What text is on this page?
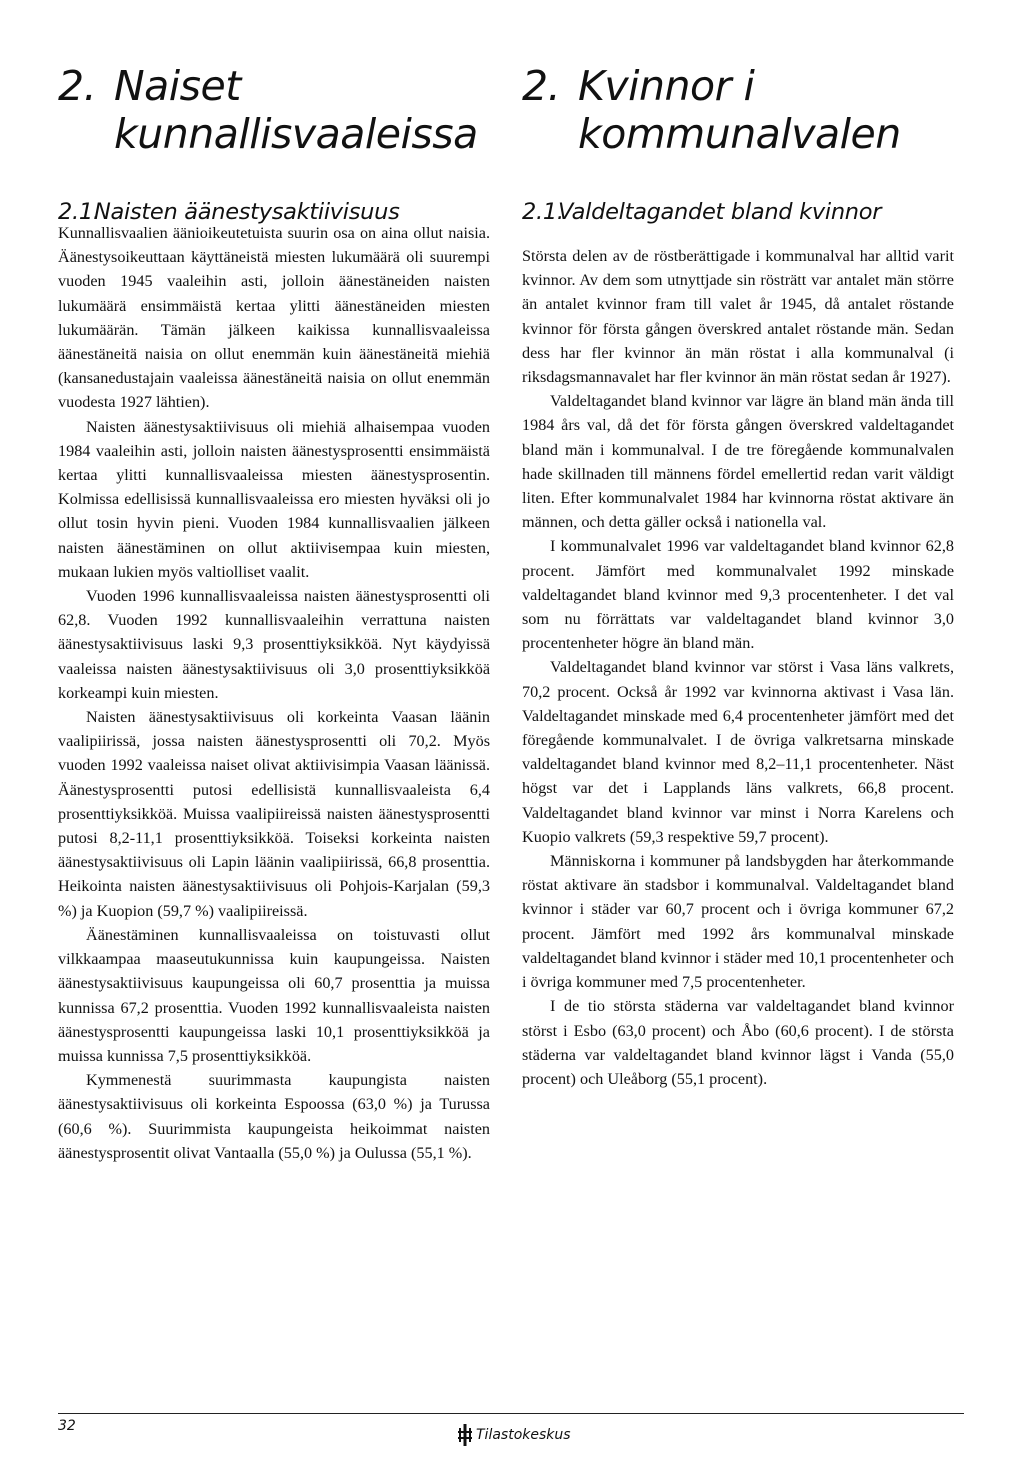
2. Naiset
kunnallisvaaleissa
2.1.Naisten äänestysaktiivisuus

Kunnallisvaalien äänioikeutetuista suurin osa on aina ollut naisia. Äänestysoikeuttaan käyttäneistä miesten lukumäärä oli suurempi vuoden 1945 vaaleihin asti, jolloin äänestäneiden naisten lukumäärä ensimmäistä kertaa ylitti äänestäneiden miesten lukumäärän. Tämän jälkeen kaikissa kunnallisvaaleissa äänestäneitä naisia on ollut enemmän kuin äänestäneitä miehiä (kansanedustajain vaaleissa äänestäneitä naisia on ollut enemmän vuodesta 1927 lähtien).

Naisten äänestysaktiivisuus oli miehiä alhaisempaa vuoden 1984 vaaleihin asti, jolloin naisten äänestysprosentti ensimmäistä kertaa ylitti kunnallisvaaleissa miesten äänestysprosentin. Kolmissa edellisissä kunnallisvaaleissa ero miesten hyväksi oli jo ollut tosin hyvin pieni. Vuoden 1984 kunnallisvaalien jälkeen naisten äänestäminen on ollut aktiivisempaa kuin miesten, mukaan lukien myös valtiolliset vaalit.

Vuoden 1996 kunnallisvaaleissa naisten äänestysprosentti oli 62,8. Vuoden 1992 kunnallisvaaleihin verrattuna naisten äänestysaktiivisuus laski 9,3 prosenttiyksikköä. Nyt käydyissä vaaleissa naisten äänestysaktiivisuus oli 3,0 prosenttiyksikköä korkeampi kuin miesten.

Naisten äänestysaktiivisuus oli korkeinta Vaasan läänin vaalipiirissä, jossa naisten äänestysprosentti oli 70,2. Myös vuoden 1992 vaaleissa naiset olivat aktiivisimpia Vaasan läänissä. Äänestysprosentti putosi edellisistä kunnallisvaaleista 6,4 prosenttiyksikköä. Muissa vaalipiireissä naisten äänestysprosentti putosi 8,2-11,1 prosenttiyksikköä. Toiseksi korkeinta naisten äänestysaktiivisuus oli Lapin läänin vaalipiirissä, 66,8 prosenttia. Heikointa naisten äänestysaktiivisuus oli Pohjois-Karjalan (59,3 %) ja Kuopion (59,7 %) vaalipiireissä.

Äänestäminen kunnallisvaaleissa on toistuvasti ollut vilkkaampaa maaseutukunnissa kuin kaupungeissa. Naisten äänestysaktiivisuus kaupungeissa oli 60,7 prosenttia ja muissa kunnissa 67,2 prosenttia. Vuoden 1992 kunnallisvaaleista naisten äänestysprosentti kaupungeissa laski 10,1 prosenttiyksikköä ja muissa kunnissa 7,5 prosenttiyksikköä.

Kymmenestä suurimmasta kaupungista naisten äänestysaktiivisuus oli korkeinta Espoossa (63,0 %) ja Turussa (60,6 %). Suurimmista kaupungeista heikoimmat naisten äänestysprosentit olivat Vantaalla (55,0 %) ja Oulussa (55,1 %).

2. Kvinnor i
kommunalvalen
2.1.Valdeltagandet bland kvinnor

Största delen av de röstberättigade i kommunalval har alltid varit kvinnor. Av dem som utnyttjade sin rösträtt var antalet män större än antalet kvinnor fram till valet år 1945, då antalet röstande kvinnor för första gången överskred antalet röstande män. Sedan dess har fler kvinnor än män röstat i alla kommunalval (i riksdagsmannavalet har fler kvinnor än män röstat sedan år 1927).

Valdeltagandet bland kvinnor var lägre än bland män ända till 1984 års val, då det för första gången överskred valdeltagandet bland män i kommunalval. I de tre föregående kommunalvalen hade skillnaden till männens fördel emellertid redan varit väldigt liten. Efter kommunalvalet 1984 har kvinnorna röstat aktivare än männen, och detta gäller också i nationella val.

I kommunalvalet 1996 var valdeltagandet bland kvinnor 62,8 procent. Jämfört med kommunalvalet 1992 minskade valdeltagandet bland kvinnor med 9,3 procentenheter. I det val som nu förrättats var valdeltagandet bland kvinnor 3,0 procentenheter högre än bland män.

Valdeltagandet bland kvinnor var störst i Vasa läns valkrets, 70,2 procent. Också år 1992 var kvinnorna aktivast i Vasa län. Valdeltagandet minskade med 6,4 procentenheter jämfört med det föregående kommunalvalet. I de övriga valkretsarna minskade valdeltagandet bland kvinnor med 8,2–11,1 procentenheter. Näst högst var det i Lapplands läns valkrets, 66,8 procent. Valdeltagandet bland kvinnor var minst i Norra Karelens och Kuopio valkrets (59,3 respektive 59,7 procent).

Människorna i kommuner på landsbygden har återkommande röstat aktivare än stadsbor i kommunalval. Valdeltagandet bland kvinnor i städer var 60,7 procent och i övriga kommuner 67,2 procent. Jämfört med 1992 års kommunalval minskade valdeltagandet bland kvinnor i städer med 10,1 procentenheter och i övriga kommuner med 7,5 procentenheter.

I de tio största städerna var valdeltagandet bland kvinnor störst i Esbo (63,0 procent) och Åbo (60,6 procent). I de största städerna var valdeltagandet bland kvinnor lägst i Vanda (55,0 procent) och Uleåborg (55,1 procent).

32
Tilastokeskus
